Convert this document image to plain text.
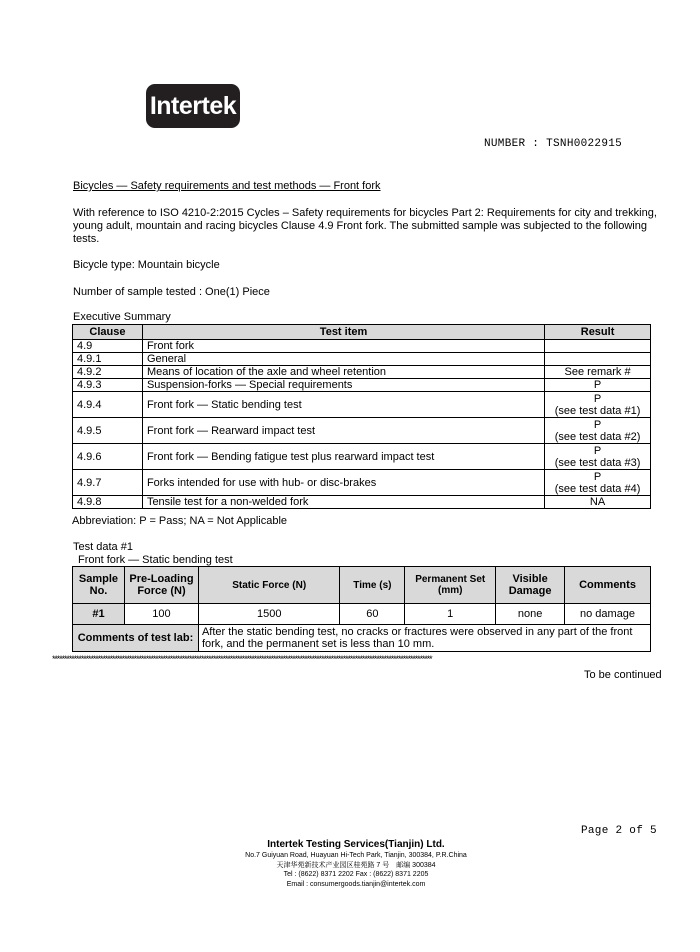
Intertek
NUMBER : TSNH0022915
Bicycles — Safety requirements and test methods — Front fork
With reference to ISO 4210-2:2015 Cycles – Safety requirements for bicycles Part 2: Requirements for city and trekking, young adult, mountain and racing bicycles Clause 4.9 Front fork. The submitted sample was subjected to the following tests.
Bicycle type: Mountain bicycle
Number of sample tested : One(1) Piece
Executive Summary
Clause	Test item	Result
4.9	Front fork	

4.9.1	General	

4.9.2	Means of location of the axle and wheel retention	See remark #

4.9.3	Suspension-forks — Special requirements	P

4.9.4	Front fork — Static bending test	P
(see test data #1)

4.9.5	Front fork — Rearward impact test	P
(see test data #2)

4.9.6	Front fork — Bending fatigue test plus rearward impact test	P
(see test data #3)

4.9.7	Forks intended for use with hub- or disc-brakes	P
(see test data #4)

4.9.8	Tensile test for a non-welded fork	NA
Abbreviation: P = Pass; NA = Not Applicable
Test data #1
Front fork — Static bending test
Sample No.	Pre-Loading Force (N)	Static Force (N)	Time (s)	Permanent Set (mm)	Visible Damage	Comments
#1	100	1500	60	1	none	no damage
Comments of test lab:		After the static bending test, no cracks or fractures were observed in any part of the front fork, and the permanent set is less than 10 mm.				
**************************************************************************************************************************************************************
To be continued
Page 2 of 5
Intertek Testing Services(Tianjin) Ltd.
No.7 Guiyuan Road, Huayuan Hi-Tech Park, Tianjin, 300384, P.R.China
天津华苑新技术产业园区桂苑路 7 号　邮编 300384
Tel : (8622) 8371 2202 Fax : (8622) 8371 2205
Email : consumergoods.tianjin@intertek.com
